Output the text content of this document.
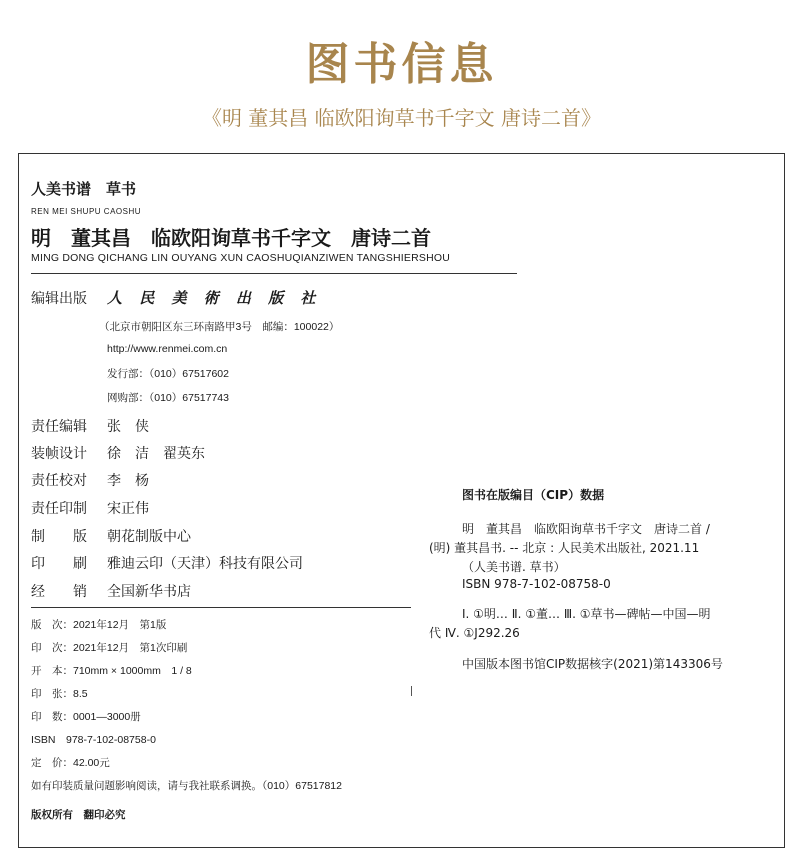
图书信息
《明 董其昌 临欧阳询草书千字文 唐诗二首》
人美书谱　草书
REN MEI SHUPU CAOSHU
明　董其昌　临欧阳询草书千字文　唐诗二首
MING DONG QICHANG LIN OUYANG XUN CAOSHUQIANZIWEN TANGSHIERSHOU
编辑出版 人 民 美 術 出 版 社
（北京市朝阳区东三环南路甲3号　邮编：100022）
http://www.renmei.com.cn
发行部：（010）67517602
网购部：（010）67517743
责任编辑 张　侠
装帧设计 徐　洁　翟英东
责任校对 李　杨
责任印制 宋正伟
制　　版 朝花制版中心
印　　刷 雅迪云印（天津）科技有限公司
经　　销 全国新华书店
版　次：2021年12月　第1版
印　次：2021年12月　第1次印刷
开　本：710mm × 1000mm　1 / 8
印　张：8.5
印　数：0001—3000册
ISBN　978-7-102-08758-0
定　价：42.00元
如有印装质量问题影响阅读，请与我社联系调换。（010）67517812
版权所有　翻印必究
图书在版编目（CIP）数据
明　董其昌　临欧阳询草书千字文　唐诗二首 /
(明) 董其昌书. -- 北京 : 人民美术出版社, 2021.11
（人美书谱. 草书）
ISBN 978-7-102-08758-0
Ⅰ. ①明… Ⅱ. ①董… Ⅲ. ①草书—碑帖—中国—明
代 Ⅳ. ①J292.26
中国版本图书馆CIP数据核字(2021)第143306号
